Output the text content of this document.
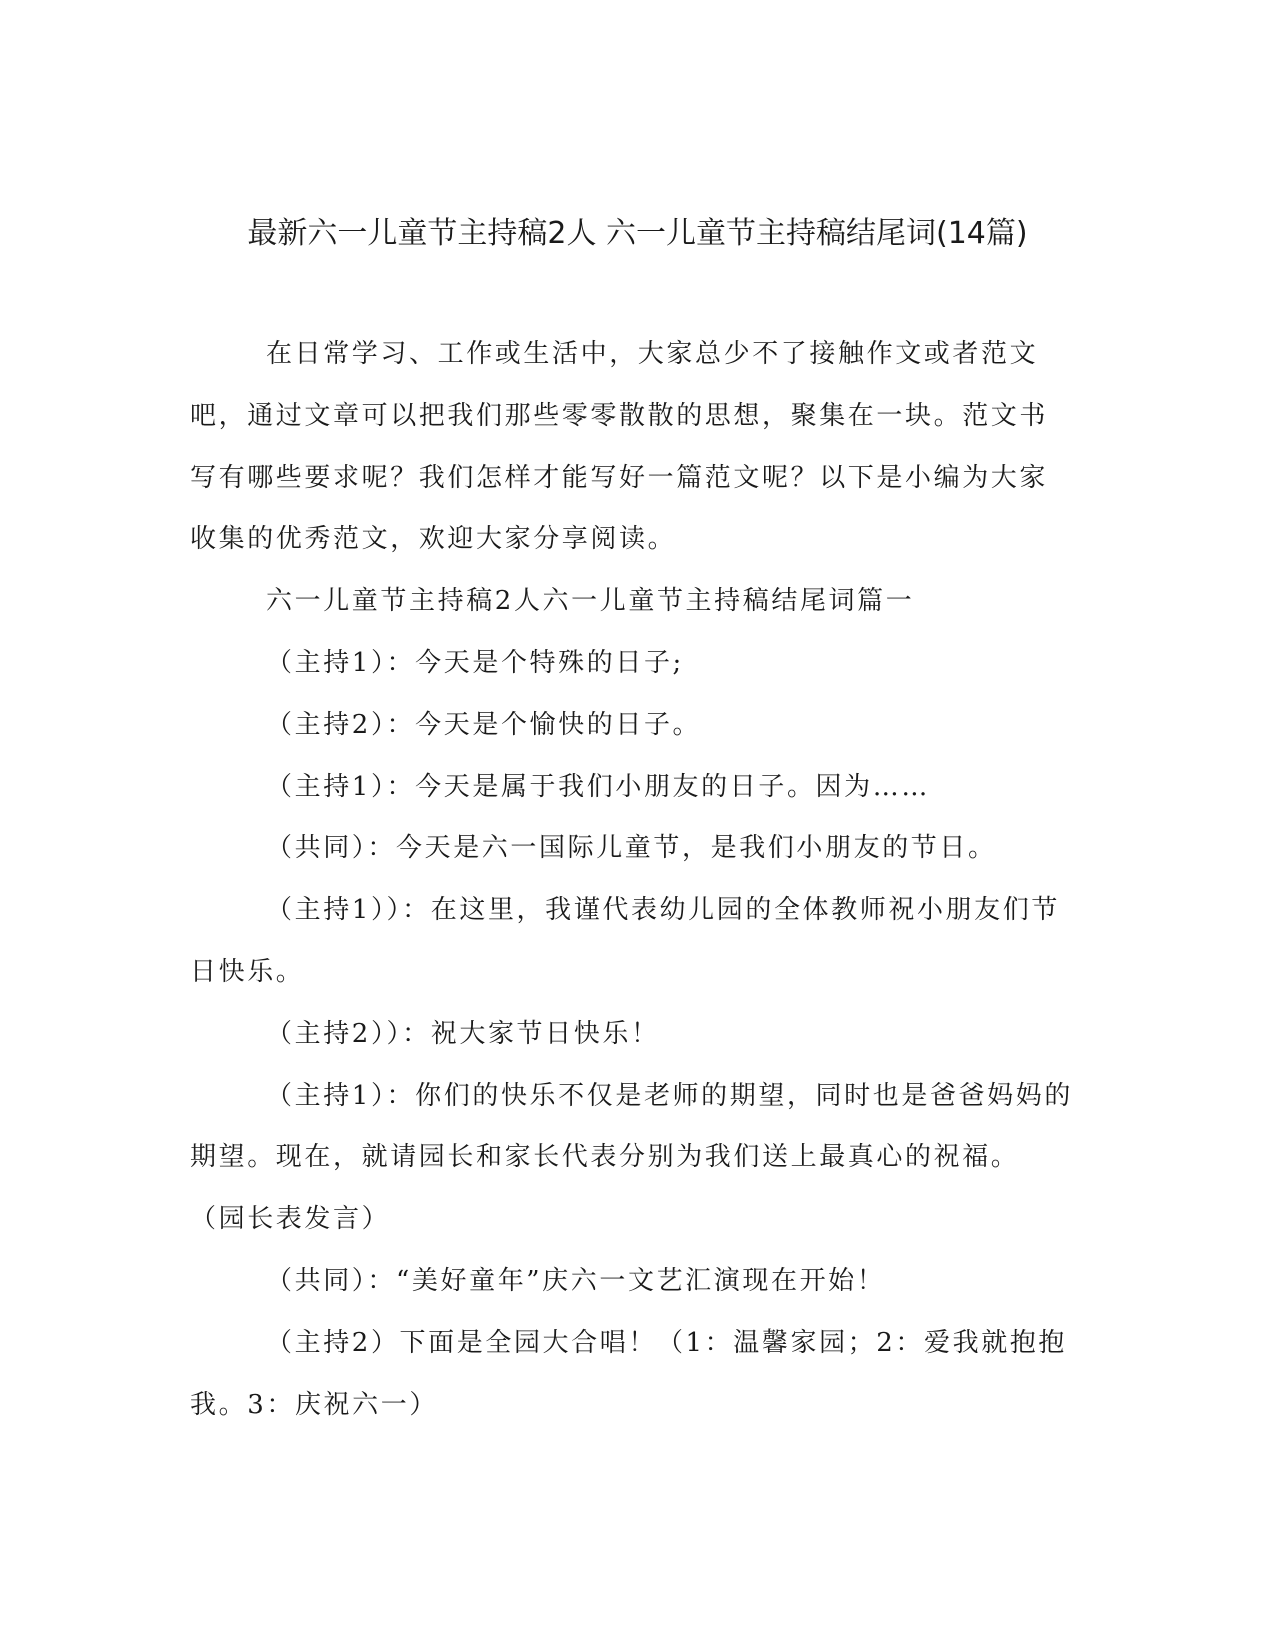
最新六一儿童节主持稿2人 六一儿童节主持稿结尾词(14篇)

在日常学习、工作或生活中，大家总少不了接触作文或者范文吧，通过文章可以把我们那些零零散散的思想，聚集在一块。范文书写有哪些要求呢？我们怎样才能写好一篇范文呢？以下是小编为大家收集的优秀范文，欢迎大家分享阅读。

六一儿童节主持稿2人六一儿童节主持稿结尾词篇一

（主持1）：今天是个特殊的日子;

（主持2）：今天是个愉快的日子。

（主持1）：今天是属于我们小朋友的日子。因为……

（共同）：今天是六一国际儿童节，是我们小朋友的节日。

（主持1））：在这里，我谨代表幼儿园的全体教师祝小朋友们节日快乐。

（主持2））：祝大家节日快乐！

（主持1）：你们的快乐不仅是老师的期望，同时也是爸爸妈妈的期望。现在，就请园长和家长代表分别为我们送上最真心的祝福。

（园长表发言）

（共同）：“美好童年”庆六一文艺汇演现在开始！

（主持2）下面是全园大合唱！（1：温馨家园；2：爱我就抱抱我。3：庆祝六一）
